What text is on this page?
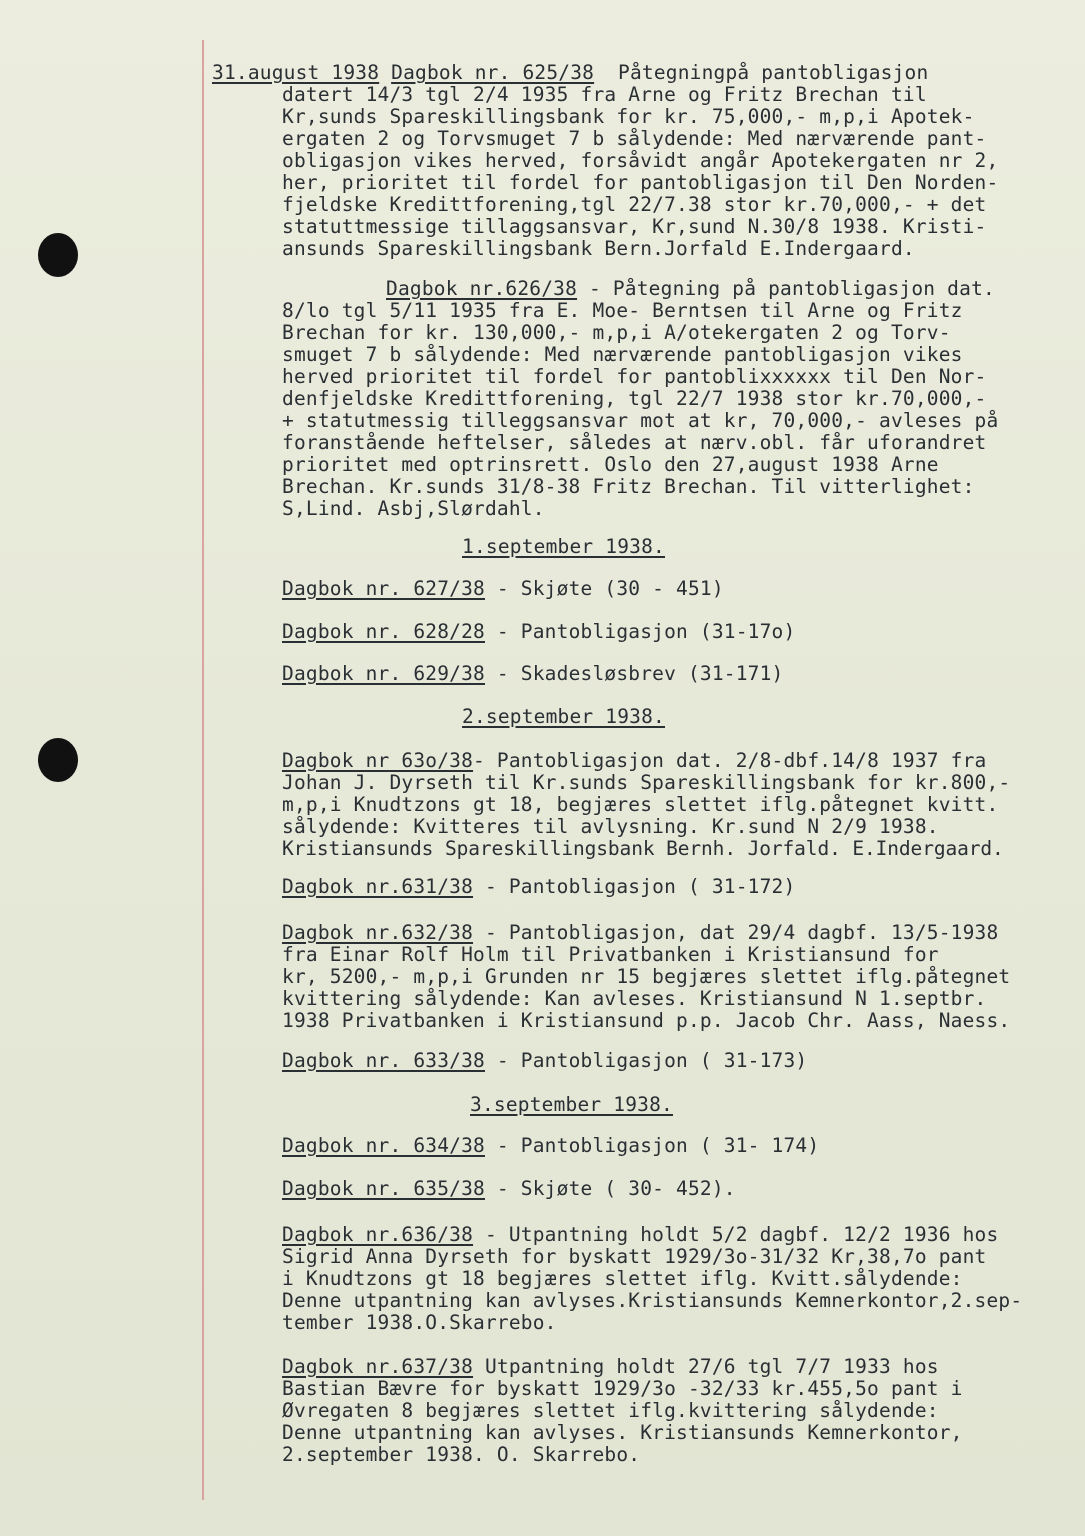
31.august 1938 Dagbok nr. 625/38 Påtegningpå pantobligasjon
datert 14/3 tgl 2/4 1935 fra Arne og Fritz Brechan til
Kr,sunds Spareskillingsbank for kr. 75,000,- m,p,i Apotek-
ergaten 2 og Torvsmuget 7 b sålydende: Med nærværende pant-
obligasjon vikes herved, forsåvidt angår Apotekergaten nr 2,
her, prioritet til fordel for pantobligasjon til Den Norden-
fjeldske Kredittforening,tgl 22/7.38 stor kr.70,000,- + det
statuttmessige tillaggsansvar, Kr,sund N.30/8 1938. Kristi-
ansunds Spareskillingsbank Bern.Jorfald E.Indergaard.
Dagbok nr.626/38 - Påtegning på pantobligasjon dat.
8/lo tgl 5/11 1935 fra E. Moe- Berntsen til Arne og Fritz
Brechan for kr. 130,000,- m,p,i A/otekergaten 2 og Torv-
smuget 7 b sålydende: Med nærværende pantobligasjon vikes
herved prioritet til fordel for pantoblixxxxxx til Den Nor-
denfjeldske Kredittforening, tgl 22/7 1938 stor kr.70,000,-
+ statutmessig tilleggsansvar mot at kr, 70,000,- avleses på
foranstående heftelser, således at nærv.obl. får uforandret
prioritet med optrinsrett. Oslo den 27,august 1938 Arne
Brechan. Kr.sunds 31/8-38 Fritz Brechan. Til vitterlighet:
S,Lind. Asbj,Slørdahl.
1.september 1938.
Dagbok nr. 627/38 - Skjøte (30 - 451)
Dagbok nr. 628/28 - Pantobligasjon (31-17o)
Dagbok nr. 629/38 - Skadesløsbrev (31-171)
2.september 1938.
Dagbok nr 63o/38- Pantobligasjon dat. 2/8-dbf.14/8 1937 fra
Johan J. Dyrseth til Kr.sunds Spareskillingsbank for kr.800,-
m,p,i Knudtzons gt 18, begjæres slettet iflg.påtegnet kvitt.
sålydende: Kvitteres til avlysning. Kr.sund N 2/9 1938.
Kristiansunds Spareskillingsbank Bernh. Jorfald. E.Indergaard.
Dagbok nr.631/38 - Pantobligasjon ( 31-172)
Dagbok nr.632/38 - Pantobligasjon, dat 29/4 dagbf. 13/5-1938
fra Einar Rolf Holm til Privatbanken i Kristiansund for
kr, 5200,- m,p,i Grunden nr 15 begjæres slettet iflg.påtegnet
kvittering sålydende: Kan avleses. Kristiansund N 1.septbr.
1938 Privatbanken i Kristiansund p.p. Jacob Chr. Aass, Naess.
Dagbok nr. 633/38 - Pantobligasjon ( 31-173)
3.september 1938.
Dagbok nr. 634/38 - Pantobligasjon ( 31- 174)
Dagbok nr. 635/38 - Skjøte ( 30- 452).
Dagbok nr.636/38 - Utpantning holdt 5/2 dagbf. 12/2 1936 hos
Sigrid Anna Dyrseth for byskatt 1929/3o-31/32 Kr,38,7o pant
i Knudtzons gt 18 begjæres slettet iflg. Kvitt.sålydende:
Denne utpantning kan avlyses.Kristiansunds Kemnerkontor,2.sep-
tember 1938.O.Skarrebo.
Dagbok nr.637/38 Utpantning holdt 27/6 tgl 7/7 1933 hos
Bastian Bævre for byskatt 1929/3o -32/33 kr.455,5o pant i
Øvregaten 8 begjæres slettet iflg.kvittering sålydende:
Denne utpantning kan avlyses. Kristiansunds Kemnerkontor,
2.september 1938. O. Skarrebo.
